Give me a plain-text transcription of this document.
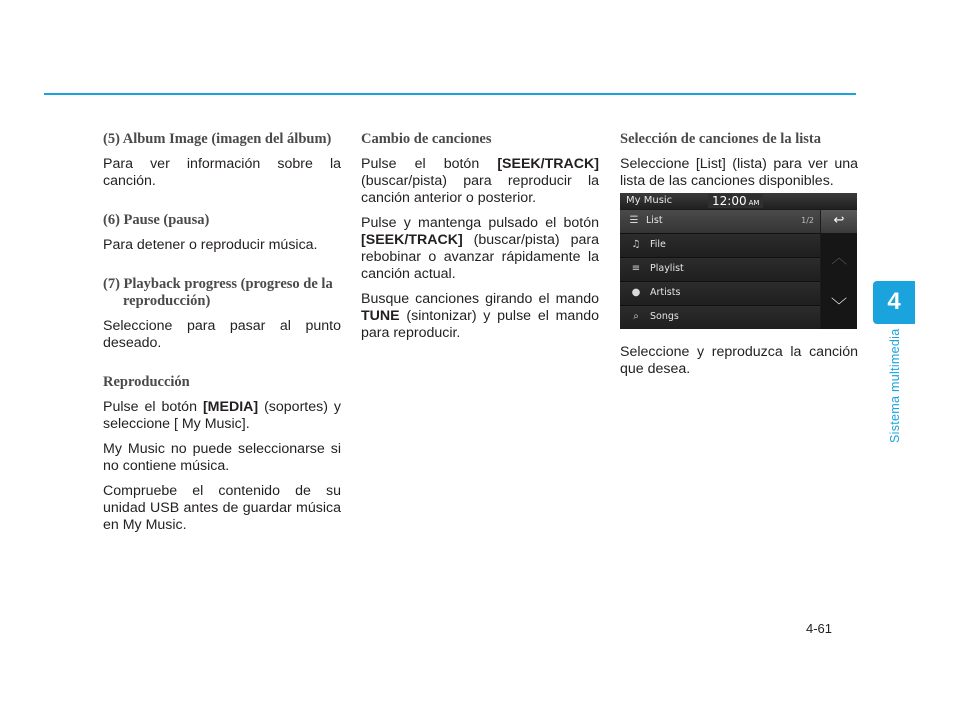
(5) Album Image (imagen del álbum)
Para ver información sobre la canción.
(6) Pause (pausa)
Para detener o reproducir música.
(7) Playback progress (progreso de la reproducción)
Seleccione para pasar al punto deseado.
Reproducción
Pulse el botón [MEDIA] (soportes) y seleccione [ My Music].
My Music no puede seleccionarse si no contiene música.
Compruebe el contenido de su unidad USB antes de guardar música en My Music.
Cambio de canciones
Pulse el botón [SEEK/TRACK] (buscar/pista) para reproducir la canción anterior o posterior.
Pulse y mantenga pulsado el botón [SEEK/TRACK] (buscar/pista) para rebobinar o avanzar rápidamente la canción actual.
Busque canciones girando el mando TUNE (sintonizar) y pulse el mando para reproducir.
Selección de canciones de la lista
Seleccione [List] (lista) para ver una lista de las canciones disponibles.
Seleccione y reproduzca la canción que desea.
My Music	12:00 AM
☰ List	1/2
♫ File
≡ Playlist
● Artists
⌕	Songs
↩
︿
﹀	4
Sistema multimedia
4-61
